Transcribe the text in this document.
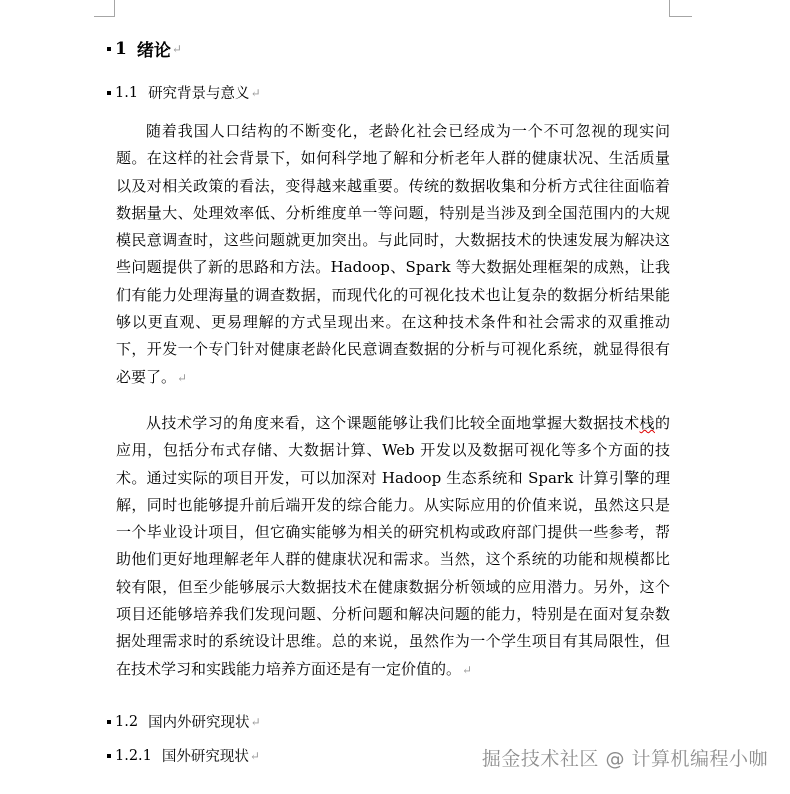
1 绪论 ↵
1.1 研究背景与意义 ↵

随着我国人口结构的不断变化，老龄化社会已经成为一个不可忽视的现实问题。在这样的社会背景下，如何科学地了解和分析老年人群的健康状况、生活质量以及对相关政策的看法，变得越来越重要。传统的数据收集和分析方式往往面临着数据量大、处理效率低、分析维度单一等问题，特别是当涉及到全国范围内的大规模民意调查时，这些问题就更加突出。与此同时，大数据技术的快速发展为解决这些问题提供了新的思路和方法。Hadoop、Spark 等大数据处理框架的成熟，让我们有能力处理海量的调查数据，而现代化的可视化技术也让复杂的数据分析结果能够以更直观、更易理解的方式呈现出来。在这种技术条件和社会需求的双重推动下，开发一个专门针对健康老龄化民意调查数据的分析与可视化系统，就显得很有必要了。↵

从技术学习的角度来看，这个课题能够让我们比较全面地掌握大数据技术栈的应用，包括分布式存储、大数据计算、Web 开发以及数据可视化等多个方面的技术。通过实际的项目开发，可以加深对 Hadoop 生态系统和 Spark 计算引擎的理解，同时也能够提升前后端开发的综合能力。从实际应用的价值来说，虽然这只是一个毕业设计项目，但它确实能够为相关的研究机构或政府部门提供一些参考，帮助他们更好地理解老年人群的健康状况和需求。当然，这个系统的功能和规模都比较有限，但至少能够展示大数据技术在健康数据分析领域的应用潜力。另外，这个项目还能够培养我们发现问题、分析问题和解决问题的能力，特别是在面对复杂数据处理需求时的系统设计思维。总的来说，虽然作为一个学生项目有其局限性，但在技术学习和实践能力培养方面还是有一定价值的。↵

1.2 国内外研究现状 ↵
1.2.1 国外研究现状 ↵	掘金技术社区 @ 计算机编程小咖
